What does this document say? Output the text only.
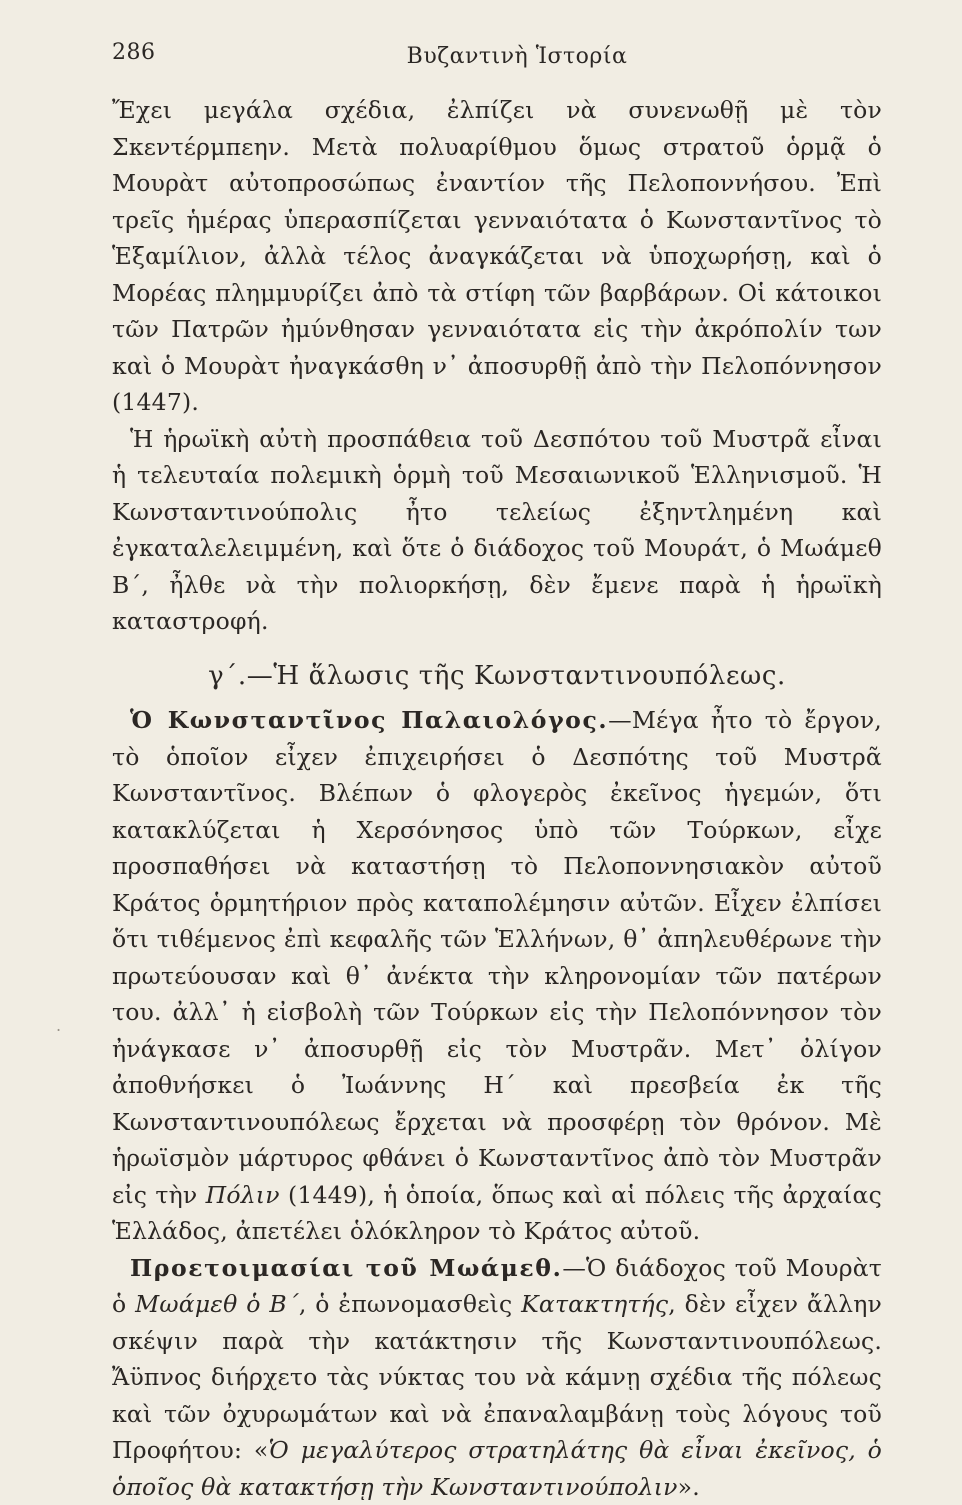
286	Βυζαντινὴ Ἱστορία
.

Ἔχει μεγάλα σχέδια, ἐλπίζει νὰ συνενωθῇ μὲ τὸν Σκεντέρμπεην. Μετὰ πολυαρίθμου ὅμως στρατοῦ ὁρμᾷ ὁ Μουρὰτ αὐτοπροσώπως ἐναντίον τῆς Πελοποννήσου. Ἐπὶ τρεῖς ἡμέρας ὑπερασπίζεται γενναιότατα ὁ Κωνσταντῖνος τὸ Ἑξαμίλιον, ἀλλὰ τέλος ἀναγκάζεται νὰ ὑποχωρήσῃ, καὶ ὁ Μορέας πλημμυρίζει ἀπὸ τὰ στίφη τῶν βαρβάρων. Οἱ κάτοικοι τῶν Πατρῶν ἠμύνθησαν γενναιότατα εἰς τὴν ἀκρόπολίν των καὶ ὁ Μουρὰτ ἠναγκάσθη ν᾿ ἀποσυρθῇ ἀπὸ τὴν Πελοπόννησον (1447).

Ἡ ἡρωϊκὴ αὐτὴ προσπάθεια τοῦ Δεσπότου τοῦ Μυστρᾶ εἶναι ἡ τελευταία πολεμικὴ ὁρμὴ τοῦ Μεσαιωνικοῦ Ἑλληνισμοῦ. Ἡ Κωνσταντινούπολις ἦτο τελείως ἐξηντλημένη καὶ ἐγκαταλελειμμένη, καὶ ὅτε ὁ διάδοχος τοῦ Μουράτ, ὁ Μωάμεθ Β΄, ἦλθε νὰ τὴν πολιορκήσῃ, δὲν ἔμενε παρὰ ἡ ἡρωϊκὴ καταστροφή.

γ΄.—Ἡ ἅλωσις τῆς Κωνσταντινουπόλεως.

Ὁ Κωνσταντῖνος Παλαιολόγος.—Μέγα ἦτο τὸ ἔργον, τὸ ὁποῖον εἶχεν ἐπιχειρήσει ὁ Δεσπότης τοῦ Μυστρᾶ Κωνσταντῖνος. Βλέπων ὁ φλογερὸς ἐκεῖνος ἡγεμών, ὅτι κατακλύζεται ἡ Χερσόνησος ὑπὸ τῶν Τούρκων, εἶχε προσπαθήσει νὰ καταστήσῃ τὸ Πελοποννησιακὸν αὐτοῦ Κράτος ὁρμητήριον πρὸς καταπολέμησιν αὐτῶν. Εἶχεν ἐλπίσει ὅτι τιθέμενος ἐπὶ κεφαλῆς τῶν Ἑλλήνων, θ᾿ ἀπηλευθέρωνε τὴν πρωτεύουσαν καὶ θ᾿ ἀνέκτα τὴν κληρονομίαν τῶν πατέρων του. ἀλλ᾿ ἡ εἰσβολὴ τῶν Τούρκων εἰς τὴν Πελοπόννησον τὸν ἠνάγκασε ν᾿ ἀποσυρθῇ εἰς τὸν Μυστρᾶν. Μετ᾿ ὀλίγον ἀποθνήσκει ὁ Ἰωάννης Η΄ καὶ πρεσβεία ἐκ τῆς Κωνσταντινουπόλεως ἔρχεται νὰ προσφέρῃ τὸν θρόνον. Μὲ ἡρωϊσμὸν μάρτυρος φθάνει ὁ Κωνσταντῖνος ἀπὸ τὸν Μυστρᾶν εἰς τὴν Πόλιν (1449), ἡ ὁποία, ὅπως καὶ αἱ πόλεις τῆς ἀρχαίας Ἑλλάδος, ἀπετέλει ὁλόκληρον τὸ Κράτος αὐτοῦ.

Προετοιμασίαι τοῦ Μωάμεθ.—Ὁ διάδοχος τοῦ Μουρὰτ ὁ Μωάμεθ ὁ Β΄, ὁ ἐπωνομασθεὶς Κατακτητής, δὲν εἶχεν ἄλλην σκέψιν παρὰ τὴν κατάκτησιν τῆς Κωνσταντινουπόλεως. Ἄϋπνος διήρχετο τὰς νύκτας του νὰ κάμνῃ σχέδια τῆς πόλεως καὶ τῶν ὀχυρωμάτων καὶ νὰ ἐπαναλαμβάνῃ τοὺς λόγους τοῦ Προφήτου: «Ὁ μεγαλύτερος στρατηλάτης θὰ εἶναι ἐκεῖνος, ὁ ὁποῖος θὰ κατακτήσῃ τὴν Κωνσταντινούπολιν».
